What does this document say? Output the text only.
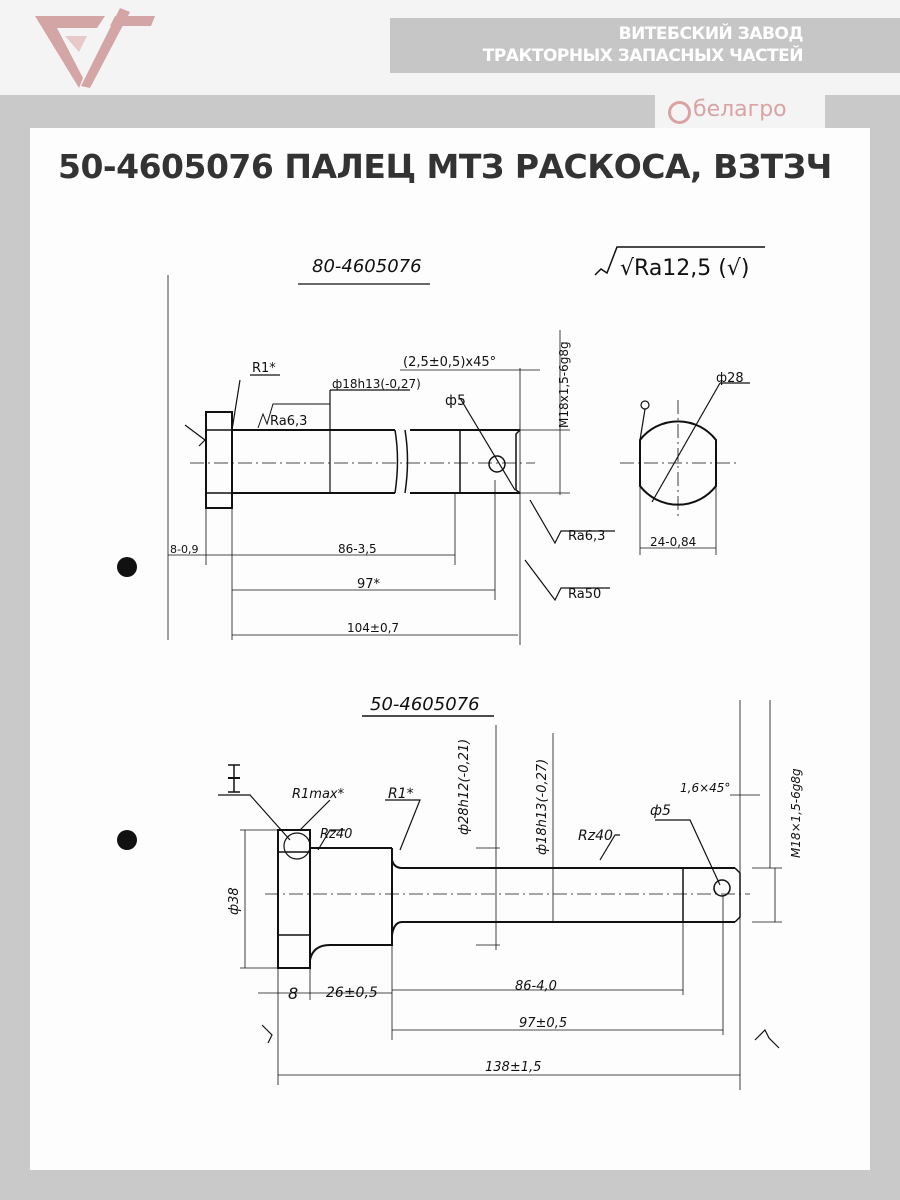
ВИТЕБСКИЙ ЗАВОД
ТРАКТОРНЫХ ЗАПАСНЫХ ЧАСТЕЙ
белагро
50-4605076 ПАЛЕЦ МТЗ РАСКОСА, ВЗТЗЧ
80-4605076	√Ra12,5 (√)
R1*
Ra6,3
ф18h13(-0,27)
(2,5±0,5)x45°
ф5	M18x1,5-6g8g	ф28
Ra6,3
Ra50
8-0,9	86-3,5
97*
104±0,7
24-0,84
50-4605076
R1max*	R1*
Rz40	Rz40
ф28h12(-0,21)	ф18h13(-0,27)	1,6×45°
ф5	M18×1,5-6g8g
ф38
8 26±0,5	86-4,0
97±0,5
138±1,5
I
